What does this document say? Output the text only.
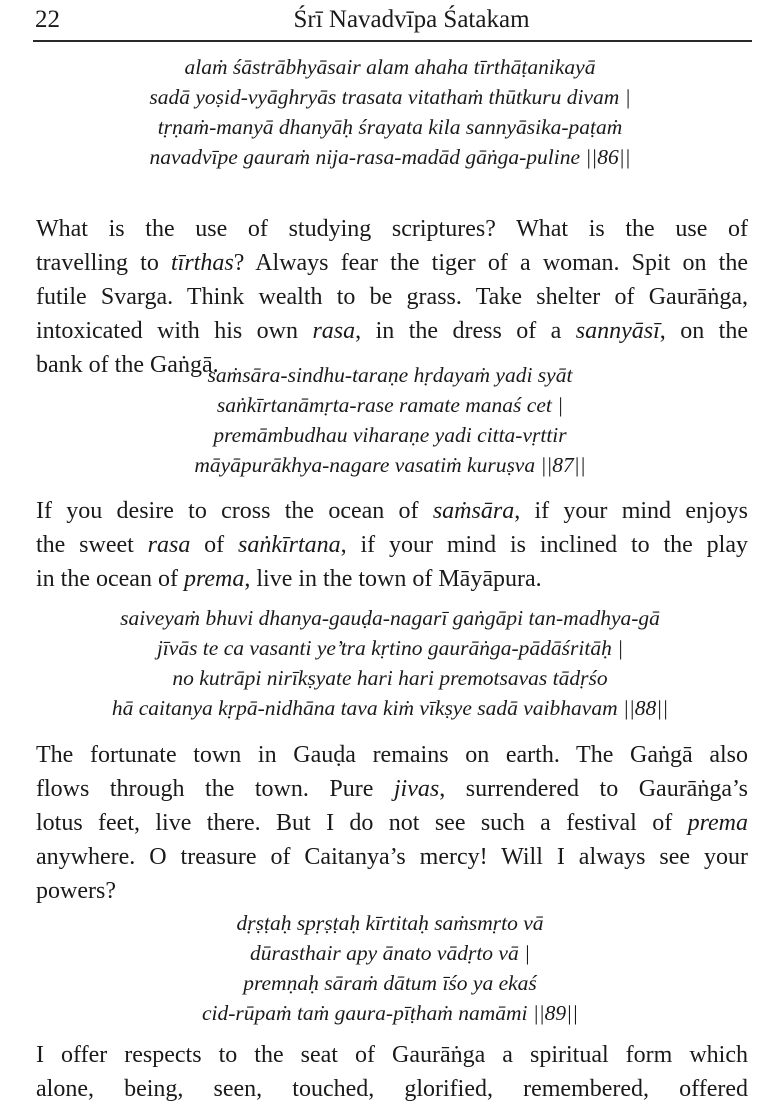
22	Śrī Navadvīpa Śatakam
alaṁ śāstrābhyāsair alam ahaha tīrthāṭanikayā
sadā yoṣid-vyāghryās trasata vitathaṁ thūtkuru divam |
tṛṇaṁ-manyā dhanyāḥ śrayata kila sannyāsika-paṭaṁ
navadvīpe gauraṁ nija-rasa-madād gāṅga-puline ||86||
What is the use of studying scriptures? What is the use of
travelling to tīrthas? Always fear the tiger of a woman. Spit on the
futile Svarga. Think wealth to be grass. Take shelter of Gaurāṅga,
intoxicated with his own rasa, in the dress of a sannyāsī, on the
bank of the Gaṅgā.
saṁsāra-sindhu-taraṇe hṛdayaṁ yadi syāt
saṅkīrtanāmṛta-rase ramate manaś cet |
premāmbudhau viharaṇe yadi citta-vṛttir
māyāpurākhya-nagare vasatiṁ kuruṣva ||87||
If you desire to cross the ocean of saṁsāra, if your mind enjoys
the sweet rasa of saṅkīrtana, if your mind is inclined to the play
in the ocean of prema, live in the town of Māyāpura.
saiveyaṁ bhuvi dhanya-gauḍa-nagarī gaṅgāpi tan-madhya-gā
jīvās te ca vasanti ye’tra kṛtino gaurāṅga-pādāśritāḥ |
no kutrāpi nirīkṣyate hari hari premotsavas tādṛśo
hā caitanya kṛpā-nidhāna tava kiṁ vīkṣye sadā vaibhavam ||88||
The fortunate town in Gauḍa remains on earth. The Gaṅgā also
flows through the town. Pure jivas, surrendered to Gaurāṅga’s
lotus feet, live there. But I do not see such a festival of prema
anywhere. O treasure of Caitanya’s mercy! Will I always see your
powers?
dṛṣṭaḥ spṛṣṭaḥ kīrtitaḥ saṁsmṛto vā
dūrasthair apy ānato vādṛto vā |
premṇaḥ sāraṁ dātum īśo ya ekaś
cid-rūpaṁ taṁ gaura-pīṭhaṁ namāmi ||89||
I offer respects to the seat of Gaurāṅga a spiritual form which
alone, being, seen, touched, glorified, remembered, offered
